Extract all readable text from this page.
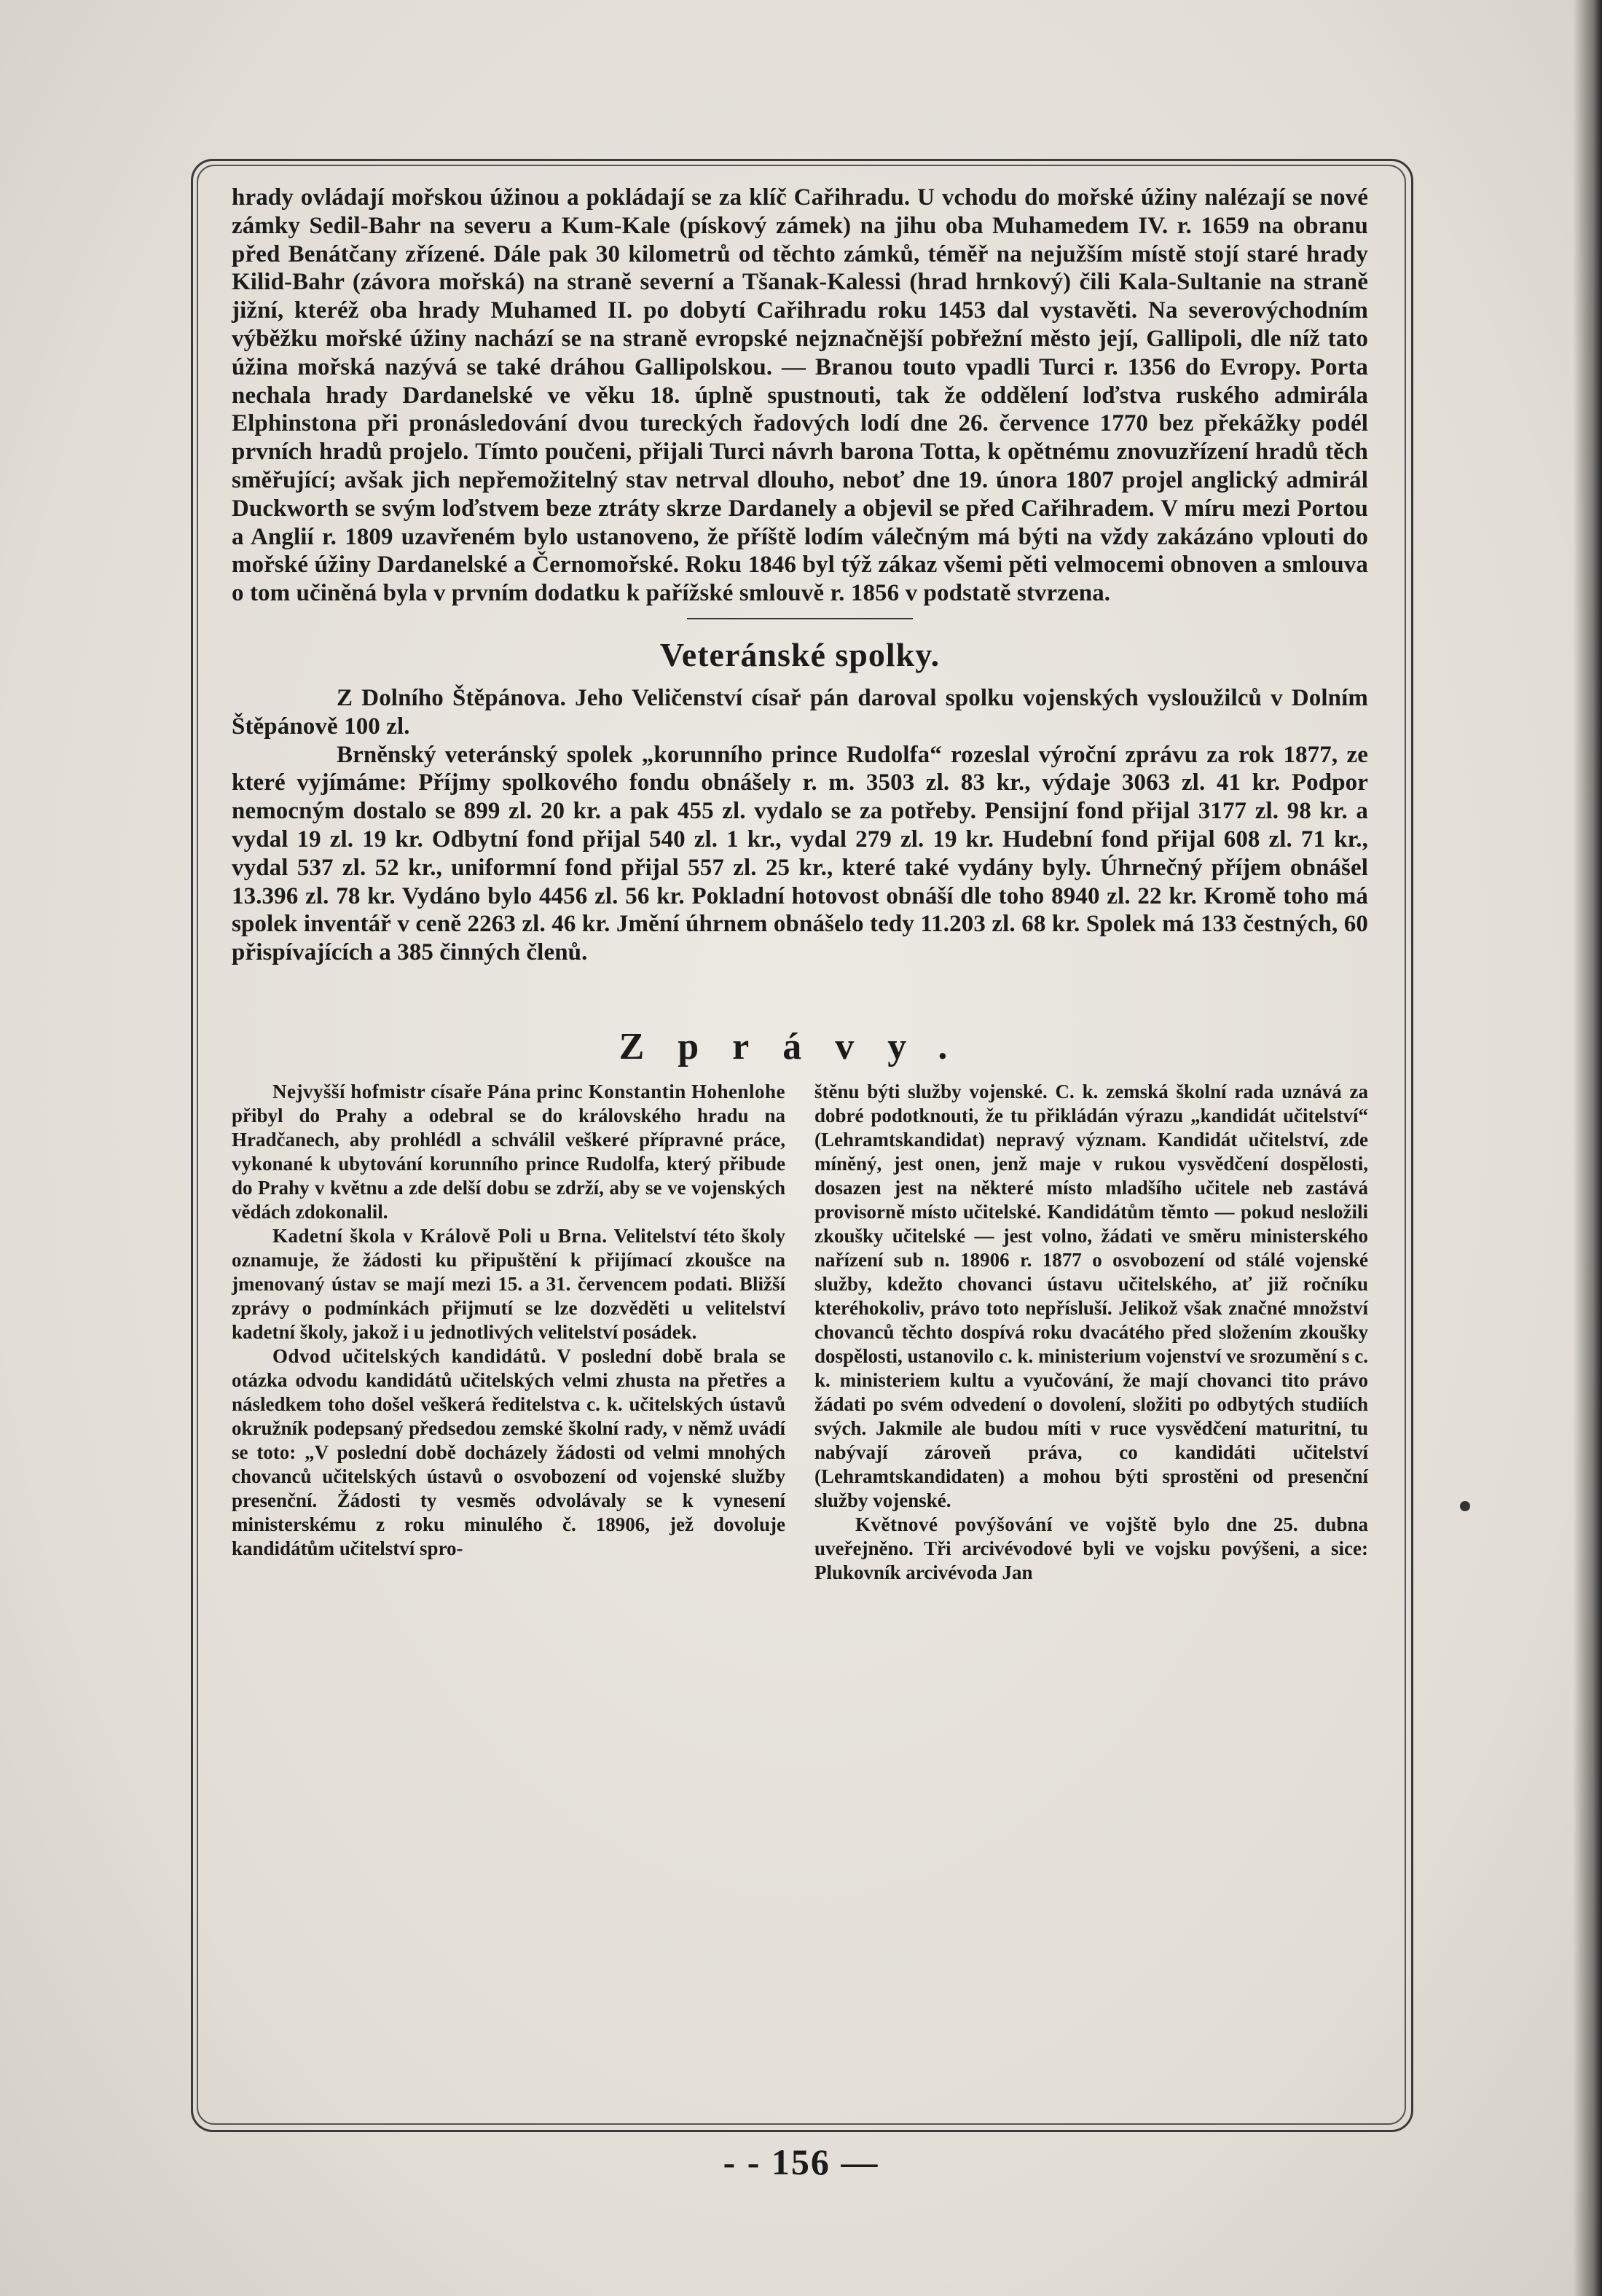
hrady ovládají mořskou úžinou a pokládají se za klíč Cařihradu. U vchodu do mořské úžiny nalézají se nové zámky Sedil-Bahr na severu a Kum-Kale (pískový zámek) na jihu oba Muhamedem IV. r. 1659 na obranu před Benátčany zřízené. Dále pak 30 kilometrů od těchto zámků, téměř na nejužším místě stojí staré hrady Kilid-Bahr (závora mořská) na straně severní a Tšanak-Kalessi (hrad hrnkový) čili Kala-Sultanie na straně jižní, kteréž oba hrady Muhamed II. po dobytí Cařihradu roku 1453 dal vystavěti. Na severovýchodním výběžku mořské úžiny nachází se na straně evropské nejznačnější pobřežní město její, Gallipoli, dle níž tato úžina mořská nazývá se také dráhou Gallipolskou. — Branou touto vpadli Turci r. 1356 do Evropy. Porta nechala hrady Dardanelské ve věku 18. úplně spustnouti, tak že oddělení loďstva ruského admirála Elphinstona při pronásledování dvou tureckých řadových lodí dne 26. července 1770 bez překážky podél prvních hradů projelo. Tímto poučeni, přijali Turci návrh barona Totta, k opětnému znovuzřízení hradů těch směřující; avšak jich nepřemožitelný stav netrval dlouho, neboť dne 19. února 1807 projel anglický admirál Duckworth se svým loďstvem beze ztráty skrze Dardanely a objevil se před Cařihradem. V míru mezi Portou a Anglií r. 1809 uzavřeném bylo ustanoveno, že příště lodím válečným má býti na vždy zakázáno vplouti do mořské úžiny Dardanelské a Černomořské. Roku 1846 byl týž zákaz všemi pěti velmocemi obnoven a smlouva o tom učiněná byla v prvním dodatku k pařížské smlouvě r. 1856 v podstatě stvrzena.

Veteránské spolky.

Z Dolního Štěpánova. Jeho Veličenství císař pán daroval spolku vojenských vysloužilců v Dolním Štěpánově 100 zl.

Brněnský veteránský spolek „korunního prince Rudolfa“ rozeslal výroční zprávu za rok 1877, ze které vyjímáme: Příjmy spolkového fondu obnášely r. m. 3503 zl. 83 kr., výdaje 3063 zl. 41 kr. Podpor nemocným dostalo se 899 zl. 20 kr. a pak 455 zl. vydalo se za potřeby. Pensijní fond přijal 3177 zl. 98 kr. a vydal 19 zl. 19 kr. Odbytní fond přijal 540 zl. 1 kr., vydal 279 zl. 19 kr. Hudební fond přijal 608 zl. 71 kr., vydal 537 zl. 52 kr., uniformní fond přijal 557 zl. 25 kr., které také vydány byly. Úhrnečný příjem obnášel 13.396 zl. 78 kr. Vydáno bylo 4456 zl. 56 kr. Pokladní hotovost obnáší dle toho 8940 zl. 22 kr. Kromě toho má spolek inventář v ceně 2263 zl. 46 kr. Jmění úhrnem obnášelo tedy 11.203 zl. 68 kr. Spolek má 133 čestných, 60 přispívajících a 385 činných členů.

Zprávy.

Nejvyšší hofmistr císaře Pána princ Konstantin Hohenlohe přibyl do Prahy a odebral se do královského hradu na Hradčanech, aby prohlédl a schválil veškeré přípravné práce, vykonané k ubytování korunního prince Rudolfa, který přibude do Prahy v květnu a zde delší dobu se zdrží, aby se ve vojenských vědách zdokonalil.

Kadetní škola v Králově Poli u Brna. Velitelství této školy oznamuje, že žádosti ku připuštění k přijímací zkoušce na jmenovaný ústav se mají mezi 15. a 31. červencem podati. Bližší zprávy o podmínkách přijmutí se lze dozvěděti u velitelství kadetní školy, jakož i u jednotlivých velitelství posádek.

Odvod učitelských kandidátů. V poslední době brala se otázka odvodu kandidátů učitelských velmi zhusta na přetřes a následkem toho došel veškerá ředitelstva c. k. učitelských ústavů okružník podepsaný předsedou zemské školní rady, v němž uvádí se toto: „V poslední době docházely žádosti od velmi mnohých chovanců učitelských ústavů o osvobození od vojenské služby presenční. Žádosti ty vesměs odvolávaly se k vynesení ministerskému z roku minulého č. 18906, jež dovoluje kandidátům učitelství spro-

štěnu býti služby vojenské. C. k. zemská školní rada uznává za dobré podotknouti, že tu přikládán výrazu „kandidát učitelství“ (Lehramtskandidat) nepravý význam. Kandidát učitelství, zde míněný, jest onen, jenž maje v rukou vysvědčení dospělosti, dosazen jest na některé místo mladšího učitele neb zastává provisorně místo učitelské. Kandidátům těmto — pokud nesložili zkoušky učitelské — jest volno, žádati ve směru ministerského nařízení sub n. 18906 r. 1877 o osvobození od stálé vojenské služby, kdežto chovanci ústavu učitelského, ať již ročníku kteréhokoliv, právo toto nepřísluší. Jelikož však značné množství chovanců těchto dospívá roku dvacátého před složením zkoušky dospělosti, ustanovilo c. k. ministerium vojenství ve srozumění s c. k. ministeriem kultu a vyučování, že mají chovanci tito právo žádati po svém odvedení o dovolení, složiti po odbytých studiích svých. Jakmile ale budou míti v ruce vysvědčení maturitní, tu nabývají zároveň práva, co kandidáti učitelství (Lehramtskandidaten) a mohou býti sprostěni od presenční služby vojenské.

Květnové povýšování ve vojště bylo dne 25. dubna uveřejněno. Tři arcivévodové byli ve vojsku povýšeni, a sice: Plukovník arcivévoda Jan

- - 156 —
